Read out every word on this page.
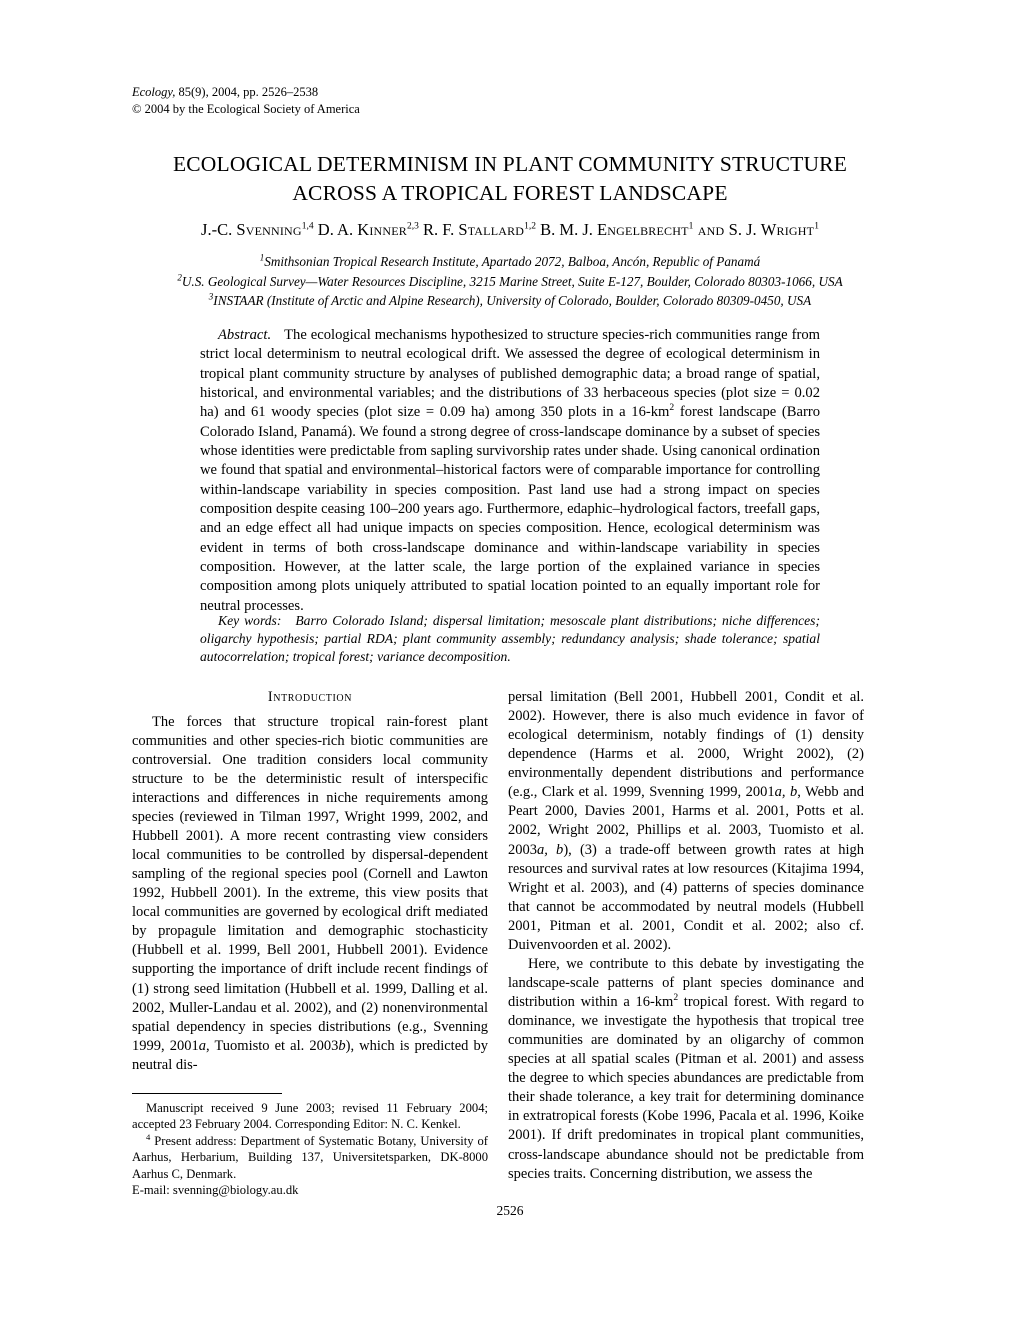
Ecology, 85(9), 2004, pp. 2526–2538
© 2004 by the Ecological Society of America
ECOLOGICAL DETERMINISM IN PLANT COMMUNITY STRUCTURE
ACROSS A TROPICAL FOREST LANDSCAPE
J.-C. Svenning$^{1,4}$ D. A. Kinner$^{2,3}$ R. F. Stallard$^{1,2}$ B. M. J. Engelbrecht$^1$ and S. J. Wright$^1$
$^1$Smithsonian Tropical Research Institute, Apartado 2072, Balboa, Ancón, Republic of Panamá
$^2$U.S. Geological Survey—Water Resources Discipline, 3215 Marine Street, Suite E-127, Boulder, Colorado 80303-1066, USA
$^3$INSTAAR (Institute of Arctic and Alpine Research), University of Colorado, Boulder, Colorado 80309-0450, USA
Abstract. The ecological mechanisms hypothesized to structure species-rich communities range from strict local determinism to neutral ecological drift. We assessed the degree of ecological determinism in tropical plant community structure by analyses of published demographic data; a broad range of spatial, historical, and environmental variables; and the distributions of 33 herbaceous species (plot size = 0.02 ha) and 61 woody species (plot size = 0.09 ha) among 350 plots in a $16-km^2$ forest landscape (Barro Colorado Island, Panamá). We found a strong degree of cross-landscape dominance by a subset of species whose identities were predictable from sapling survivorship rates under shade. Using canonical ordination we found that spatial and environmental–historical factors were of comparable importance for controlling within-landscape variability in species composition. Past land use had a strong impact on species composition despite ceasing 100–200 years ago. Furthermore, edaphic–hydrological factors, treefall gaps, and an edge effect all had unique impacts on species composition. Hence, ecological determinism was evident in terms of both cross-landscape dominance and within-landscape variability in species composition. However, at the latter scale, the large portion of the explained variance in species composition among plots uniquely attributed to spatial location pointed to an equally important role for neutral processes.
Key words: Barro Colorado Island; dispersal limitation; mesoscale plant distributions; niche differences; oligarchy hypothesis; partial RDA; plant community assembly; redundancy analysis; shade tolerance; spatial autocorrelation; tropical forest; variance decomposition.
Introduction

The forces that structure tropical rain-forest plant communities and other species-rich biotic communities are controversial. One tradition considers local community structure to be the deterministic result of interspecific interactions and differences in niche requirements among species (reviewed in Tilman 1997, Wright 1999, 2002, and Hubbell 2001). A more recent contrasting view considers local communities to be controlled by dispersal-dependent sampling of the regional species pool (Cornell and Lawton 1992, Hubbell 2001). In the extreme, this view posits that local communities are governed by ecological drift mediated by propagule limitation and demographic stochasticity (Hubbell et al. 1999, Bell 2001, Hubbell 2001). Evidence supporting the importance of drift include recent findings of (1) strong seed limitation (Hubbell et al. 1999, Dalling et al. 2002, Muller-Landau et al. 2002), and (2) nonenvironmental spatial dependency in species distributions (e.g., Svenning 1999, 2001a, Tuomisto et al. 2003b), which is predicted by neutral dis-

persal limitation (Bell 2001, Hubbell 2001, Condit et al. 2002). However, there is also much evidence in favor of ecological determinism, notably findings of (1) density dependence (Harms et al. 2000, Wright 2002), (2) environmentally dependent distributions and performance (e.g., Clark et al. 1999, Svenning 1999, 2001a, b, Webb and Peart 2000, Davies 2001, Harms et al. 2001, Potts et al. 2002, Wright 2002, Phillips et al. 2003, Tuomisto et al. 2003a, b), (3) a trade-off between growth rates at high resources and survival rates at low resources (Kitajima 1994, Wright et al. 2003), and (4) patterns of species dominance that cannot be accommodated by neutral models (Hubbell 2001, Pitman et al. 2001, Condit et al. 2002; also cf. Duivenvoorden et al. 2002).

Here, we contribute to this debate by investigating the landscape-scale patterns of plant species dominance and distribution within a $16-km^2$ tropical forest. With regard to dominance, we investigate the hypothesis that tropical tree communities are dominated by an oligarchy of common species at all spatial scales (Pitman et al. 2001) and assess the degree to which species abundances are predictable from their shade tolerance, a key trait for determining dominance in extratropical forests (Kobe 1996, Pacala et al. 1996, Koike 2001). If drift predominates in tropical plant communities, cross-landscape abundance should not be predictable from species traits. Concerning distribution, we assess the

Manuscript received 9 June 2003; revised 11 February 2004; accepted 23 February 2004. Corresponding Editor: N. C. Kenkel.

$^4$ Present address: Department of Systematic Botany, University of Aarhus, Herbarium, Building 137, Universitetsparken, DK-8000 Aarhus C, Denmark.

E-mail: svenning@biology.au.dk

2526
